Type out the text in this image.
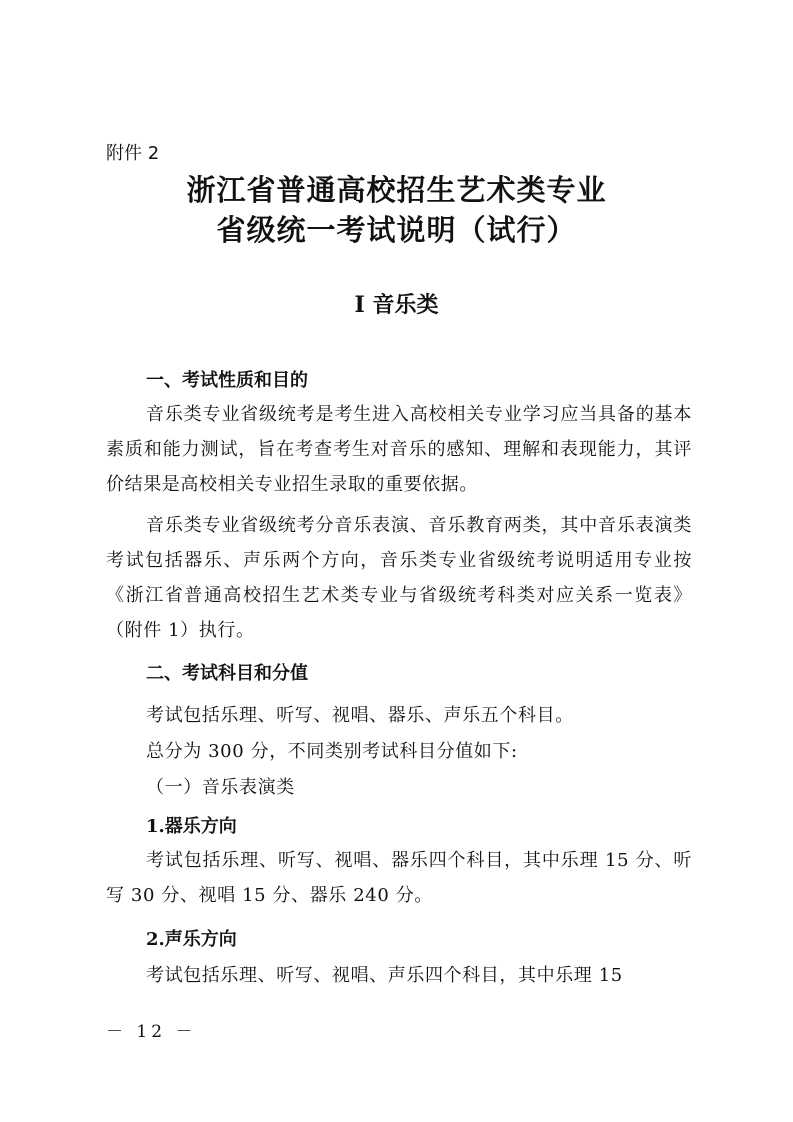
附件 2
浙江省普通高校招生艺术类专业
省级统一考试说明（试行）
I 音乐类
一、考试性质和目的
音乐类专业省级统考是考生进入高校相关专业学习应当具备的基本素质和能力测试，旨在考查考生对音乐的感知、理解和表现能力，其评价结果是高校相关专业招生录取的重要依据。
音乐类专业省级统考分音乐表演、音乐教育两类，其中音乐表演类考试包括器乐、声乐两个方向，音乐类专业省级统考说明适用专业按《浙江省普通高校招生艺术类专业与省级统考科类对应关系一览表》（附件 1）执行。
二、考试科目和分值
考试包括乐理、听写、视唱、器乐、声乐五个科目。
总分为 300 分，不同类别考试科目分值如下:
（一）音乐表演类
1.器乐方向
考试包括乐理、听写、视唱、器乐四个科目，其中乐理 15 分、听写 30 分、视唱 15 分、器乐 240 分。
2.声乐方向
考试包括乐理、听写、视唱、声乐四个科目，其中乐理 15
－ 12 －
